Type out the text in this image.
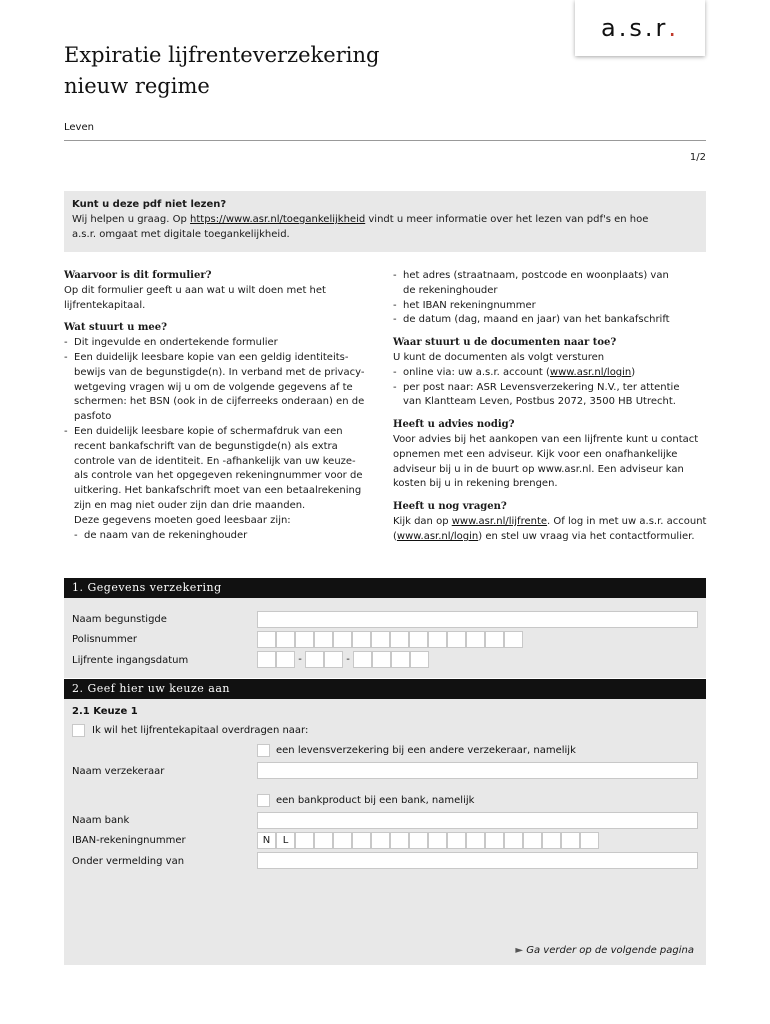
a.s.r .
Expiratie lijfrenteverzekering
nieuw regime
Leven
1/2
Kunt u deze pdf niet lezen?
Wij helpen u graag. Op https://www.asr.nl/toegankelijkheid vindt u meer informatie over het lezen van pdf's en hoe
a.s.r. omgaat met digitale toegankelijkheid.
Waarvoor is dit formulier?
Op dit formulier geeft u aan wat u wilt doen met het
lijfrentekapitaal.
Wat stuurt u mee?
- Dit ingevulde en ondertekende formulier
- Een duidelijk leesbare kopie van een geldig identiteits-
bewijs van de begunstigde(n). In verband met de privacy-
wetgeving vragen wij u om de volgende gegevens af te
schermen: het BSN (ook in de cijferreeks onderaan) en de
pasfoto
- Een duidelijk leesbare kopie of schermafdruk van een
recent bankafschrift van de begunstigde(n) als extra
controle van de identiteit. En -afhankelijk van uw keuze-
als controle van het opgegeven rekeningnummer voor de
uitkering. Het bankafschrift moet van een betaalrekening
zijn en mag niet ouder zijn dan drie maanden.
Deze gegevens moeten goed leesbaar zijn:
- de naam van de rekeninghouder
- het adres (straatnaam, postcode en woonplaats) van
de rekeninghouder
- het IBAN rekeningnummer
- de datum (dag, maand en jaar) van het bankafschrift
Waar stuurt u de documenten naar toe?
U kunt de documenten als volgt versturen
- online via: uw a.s.r. account (www.asr.nl/login)
- per post naar: ASR Levensverzekering N.V., ter attentie
van Klantteam Leven, Postbus 2072, 3500 HB Utrecht.
Heeft u advies nodig?
Voor advies bij het aankopen van een lijfrente kunt u contact
opnemen met een adviseur. Kijk voor een onafhankelijke
adviseur bij u in de buurt op www.asr.nl. Een adviseur kan
kosten bij u in rekening brengen.
Heeft u nog vragen?
Kijk dan op www.asr.nl/lijfrente. Of log in met uw a.s.r. account
(www.asr.nl/login) en stel uw vraag via het contactformulier.
1. Gegevens verzekering
Naam begunstigde
Polisnummer
Lijfrente ingangsdatum	-	-
2. Geef hier uw keuze aan
2.1 Keuze 1
Ik wil het lijfrentekapitaal overdragen naar:
een levensverzekering bij een andere verzekeraar, namelijk
Naam verzekeraar
een bankproduct bij een bank, namelijk
Naam bank
IBAN-rekeningnummer	N	L
Onder vermelding van
► Ga verder op de volgende pagina
